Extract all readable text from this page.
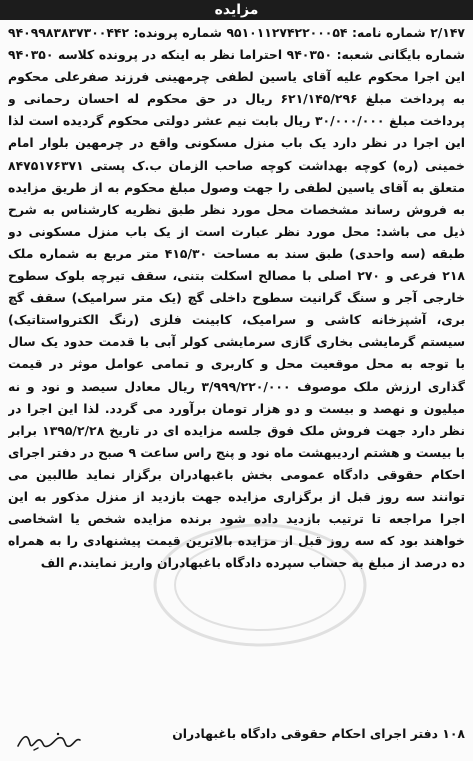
مزایده

۲/۱۴۷ شماره نامه: ۹۵۱۰۱۱۲۷۴۲۲۰۰۰۵۴ شماره پرونده: ۹۴۰۹۹۸۳۸۳۷۳۰۰۴۴۲ شماره بایگانی شعبه: ۹۴۰۳۵۰ احتراما نظر به اینکه در پرونده کلاسه ۹۴۰۳۵۰ این اجرا محکوم علیه آقای یاسین لطفی چرمهینی فرزند صفرعلی محکوم به پرداخت مبلغ ۶۲۱/۱۴۵/۲۹۶ ریال در حق محکوم له احسان رحمانی و پرداخت مبلغ ۳۰/۰۰۰/۰۰۰ ریال بابت نیم عشر دولتی محکوم گردیده است لذا این اجرا در نظر دارد یک باب منزل مسکونی واقع در چرمهین بلوار امام خمینی (ره) کوچه بهداشت کوچه صاحب الزمان ب.ک پستی ۸۴۷۵۱۷۶۳۷۱ متعلق به آقای یاسین لطفی را جهت وصول مبلغ محکوم به از طریق مزایده به فروش رساند مشخصات محل مورد نظر طبق نظریه کارشناس به شرح ذیل می باشد: محل مورد نظر عبارت است از یک باب منزل مسکونی دو طبقه (سه واحدی) طبق سند به مساحت ۴۱۵/۳۰ متر مربع به شماره ملک ۲۱۸ فرعی و ۲۷۰ اصلی با مصالح اسکلت بتنی، سقف تیرچه بلوک سطوح خارجی آجر و سنگ گرانیت سطوح داخلی گچ (یک متر سرامیک) سقف گچ بری، آشپزخانه کاشی و سرامیک، کابینت فلزی (رنگ الکترواستاتیک) سیستم گرمایشی بخاری گازی سرمایشی کولر آبی با قدمت حدود یک سال با توجه به محل موقعیت محل و کاربری و تمامی عوامل موثر در قیمت گذاری ارزش ملک موصوف ۳/۹۹۹/۲۲۰/۰۰۰ ریال معادل سیصد و نود و نه میلیون و نهصد و بیست و دو هزار تومان برآورد می گردد. لذا این اجرا در نظر دارد جهت فروش ملک فوق جلسه مزایده ای در تاریخ ۱۳۹۵/۲/۲۸ برابر با بیست و هشتم اردیبهشت ماه نود و پنج راس ساعت ۹ صبح در دفتر اجرای احکام حقوقی دادگاه عمومی بخش باغبهادران برگزار نماید طالبین می توانند سه روز قبل از برگزاری مزایده جهت بازدید از منزل مذکور به این اجرا مراجعه تا ترتیب بازدید داده شود برنده مزایده شخص یا اشخاصی خواهند بود که سه روز قبل از مزایده بالاترین قیمت پیشنهادی را به همراه ده درصد از مبلغ به حساب سپرده دادگاه باغبهادران واریز نمایند.م الف

۱۰۸ دفتر اجرای احکام حقوقی دادگاه باغبهادران
